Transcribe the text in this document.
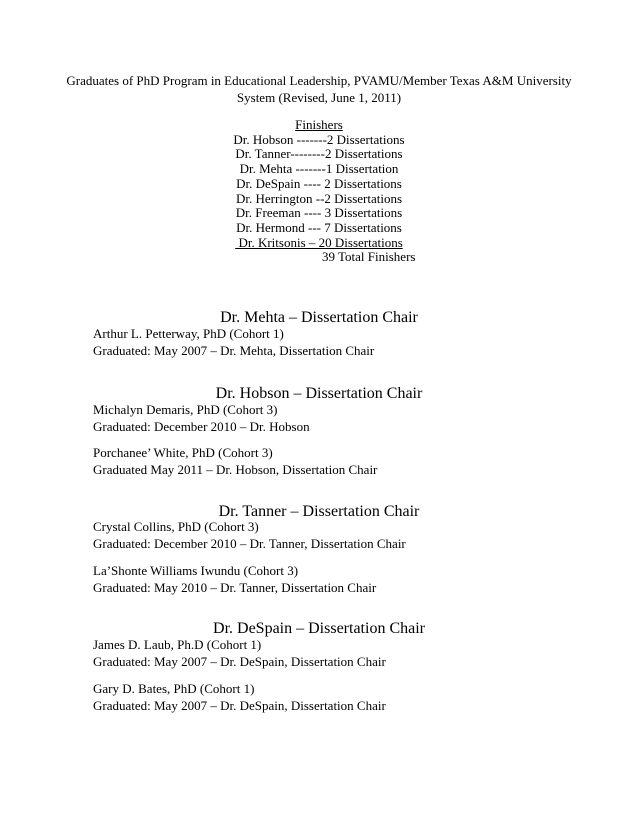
Graduates of PhD Program in Educational Leadership, PVAMU/Member Texas A&M University System (Revised, June 1, 2011)
Finishers
Dr. Hobson -------2 Dissertations
Dr. Tanner--------2 Dissertations
Dr. Mehta -------1 Dissertation
Dr. DeSpain ---- 2 Dissertations
Dr. Herrington --2 Dissertations
Dr. Freeman ---- 3 Dissertations
Dr. Hermond --- 7 Dissertations
Dr. Kritsonis – 20 Dissertations
39 Total Finishers
Dr. Mehta – Dissertation Chair
Arthur L. Petterway, PhD (Cohort 1)
Graduated: May 2007 – Dr. Mehta, Dissertation Chair
Dr. Hobson – Dissertation Chair
Michalyn Demaris, PhD (Cohort 3)
Graduated: December 2010 – Dr. Hobson
Porchanee’ White, PhD (Cohort 3)
Graduated May 2011 – Dr. Hobson, Dissertation Chair
Dr. Tanner – Dissertation Chair
Crystal Collins, PhD (Cohort 3)
Graduated: December 2010 – Dr. Tanner, Dissertation Chair
La’Shonte Williams Iwundu (Cohort 3)
Graduated: May 2010 – Dr. Tanner, Dissertation Chair
Dr. DeSpain – Dissertation Chair
James D. Laub, Ph.D (Cohort 1)
Graduated: May 2007 – Dr. DeSpain, Dissertation Chair
Gary D. Bates, PhD (Cohort 1)
Graduated: May 2007 – Dr. DeSpain, Dissertation Chair
